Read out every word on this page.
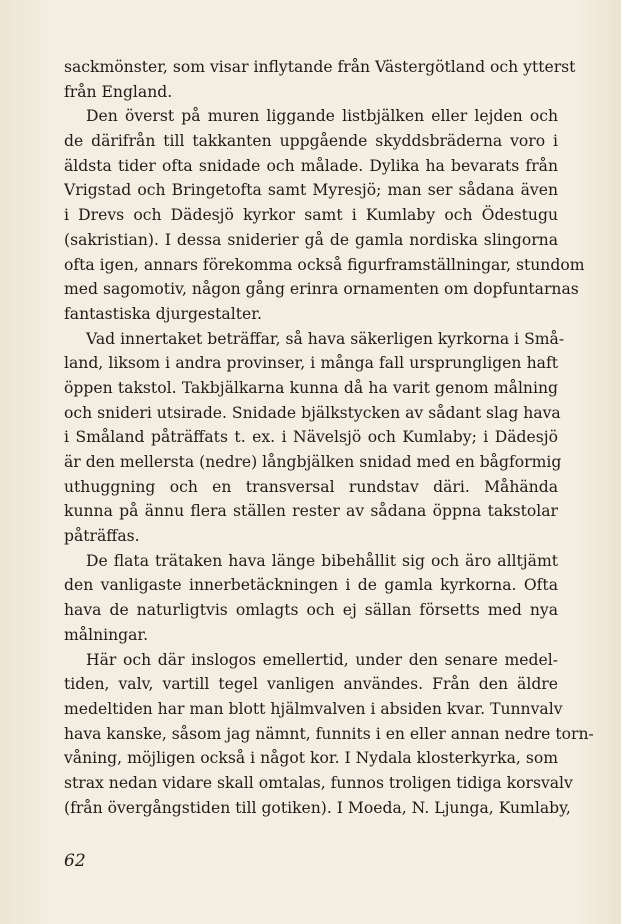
sackmönster, som visar inflytande från Västergötland och ytterst
från England.
Den överst på muren liggande listbjälken eller lejden och
de därifrån till takkanten uppgående skyddsbräderna voro i
äldsta tider ofta snidade och målade. Dylika ha bevarats från
Vrigstad och Bringetofta samt Myresjö; man ser sådana även
i Drevs och Dädesjö kyrkor samt i Kumlaby och Ödestugu
(sakristian). I dessa sniderier gå de gamla nordiska slingorna
ofta igen, annars förekomma också figurframställningar, stundom
med sagomotiv, någon gång erinra ornamenten om dopfuntarnas
fantastiska djurgestalter.
Vad innertaket beträffar, så hava säkerligen kyrkorna i Små-
land, liksom i andra provinser, i många fall ursprungligen haft
öppen takstol. Takbjälkarna kunna då ha varit genom målning
och snideri utsirade. Snidade bjälkstycken av sådant slag hava
i Småland påträffats t. ex. i Nävelsjö och Kumlaby; i Dädesjö
är den mellersta (nedre) långbjälken snidad med en bågformig
uthuggning och en transversal rundstav däri. Måhända
kunna på ännu flera ställen rester av sådana öppna takstolar
påträffas.
De flata trätaken hava länge bibehållit sig och äro alltjämt
den vanligaste innerbetäckningen i de gamla kyrkorna. Ofta
hava de naturligtvis omlagts och ej sällan försetts med nya
målningar.
Här och där inslogos emellertid, under den senare medel-
tiden, valv, vartill tegel vanligen användes. Från den äldre
medeltiden har man blott hjälmvalven i absiden kvar. Tunnvalv
hava kanske, såsom jag nämnt, funnits i en eller annan nedre torn-
våning, möjligen också i något kor. I Nydala klosterkyrka, som
strax nedan vidare skall omtalas, funnos troligen tidiga korsvalv
(från övergångstiden till gotiken). I Moeda, N. Ljunga, Kumlaby,
62
